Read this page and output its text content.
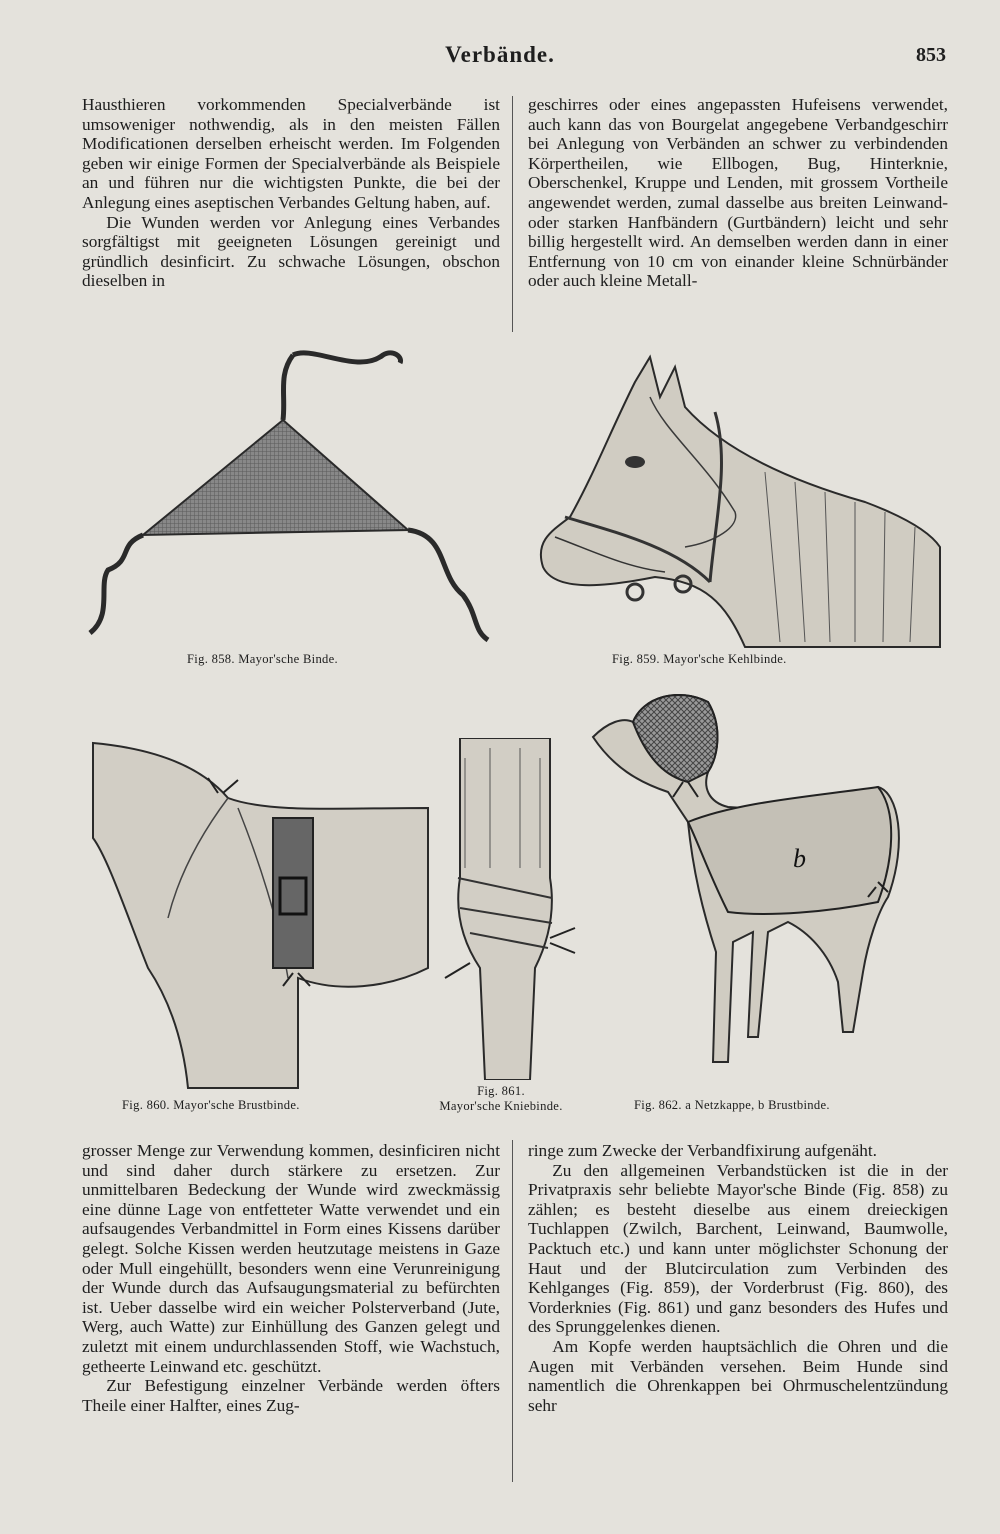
Verbände.	853

Hausthieren vorkommenden Specialverbände ist umsoweniger nothwendig, als in den meisten Fällen Modificationen derselben erheischt werden. Im Folgenden geben wir einige Formen der Specialverbände als Beispiele an und führen nur die wichtigsten Punkte, die bei der Anlegung eines aseptischen Verbandes Geltung haben, auf.

Die Wunden werden vor Anlegung eines Verbandes sorgfältigst mit geeigneten Lösungen gereinigt und gründlich desinficirt. Zu schwache Lösungen, obschon dieselben in

geschirres oder eines angepassten Hufeisens verwendet, auch kann das von Bourgelat angegebene Verbandgeschirr bei Anlegung von Verbänden an schwer zu verbindenden Körpertheilen, wie Ellbogen, Bug, Hinterknie, Oberschenkel, Kruppe und Lenden, mit grossem Vortheile angewendet werden, zumal dasselbe aus breiten Leinwand- oder starken Hanfbändern (Gurtbändern) leicht und sehr billig hergestellt wird. An demselben werden dann in einer Entfernung von 10 cm von einander kleine Schnürbänder oder auch kleine Metall-

Fig. 858. Mayor'sche Binde.	Fig. 859. Mayor'sche Kehlbinde.
Fig. 860. Mayor'sche Brustbinde.
Fig. 861.
Mayor'sche Kniebinde.
b
Fig. 862. a Netzkappe, b Brustbinde.

grosser Menge zur Verwendung kommen, desinficiren nicht und sind daher durch stärkere zu ersetzen. Zur unmittelbaren Bedeckung der Wunde wird zweckmässig eine dünne Lage von entfetteter Watte verwendet und ein aufsaugendes Verbandmittel in Form eines Kissens darüber gelegt. Solche Kissen werden heutzutage meistens in Gaze oder Mull eingehüllt, besonders wenn eine Verunreinigung der Wunde durch das Aufsaugungsmaterial zu befürchten ist. Ueber dasselbe wird ein weicher Polsterverband (Jute, Werg, auch Watte) zur Einhüllung des Ganzen gelegt und zuletzt mit einem undurchlassenden Stoff, wie Wachstuch, getheerte Leinwand etc. geschützt.

Zur Befestigung einzelner Verbände werden öfters Theile einer Halfter, eines Zug-

ringe zum Zwecke der Verbandfixirung aufgenäht.

Zu den allgemeinen Verbandstücken ist die in der Privatpraxis sehr beliebte Mayor'sche Binde (Fig. 858) zu zählen; es besteht dieselbe aus einem dreieckigen Tuchlappen (Zwilch, Barchent, Leinwand, Baumwolle, Packtuch etc.) und kann unter möglichster Schonung der Haut und der Blutcirculation zum Verbinden des Kehlganges (Fig. 859), der Vorderbrust (Fig. 860), des Vorderknies (Fig. 861) und ganz besonders des Hufes und des Sprunggelenkes dienen.

Am Kopfe werden hauptsächlich die Ohren und die Augen mit Verbänden versehen. Beim Hunde sind namentlich die Ohrenkappen bei Ohrmuschelentzündung sehr
